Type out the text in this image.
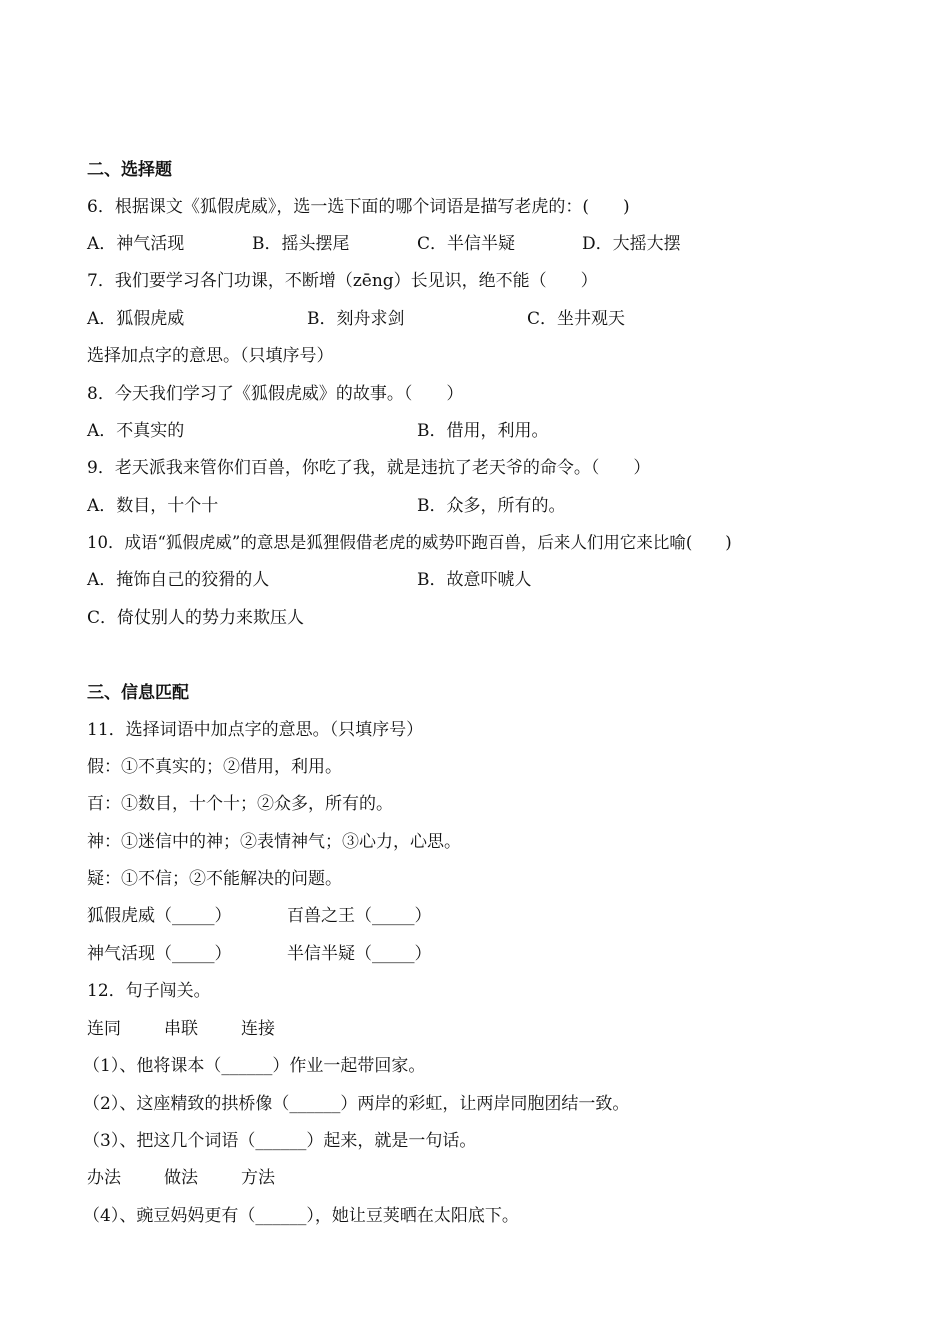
二、选择题
6．根据课文《狐假虎威》，选一选下面的哪个词语是描写老虎的：(　　)
A．神气活现	B．摇头摆尾	C．半信半疑	D．大摇大摆
7．我们要学习各门功课，不断增（zēng）长见识，绝不能（　　）
A．狐假虎威	B．刻舟求剑	C．坐井观天
选择加点字的意思。（只填序号）
8．今天我们学习了《狐假虎威》的故事。（　　）
A．不真实的	B．借用，利用。
9．老天派我来管你们百兽，你吃了我，就是违抗了老天爷的命令。（　　）
A．数目，十个十	B．众多，所有的。
10．成语“狐假虎威”的意思是狐狸假借老虎的威势吓跑百兽，后来人们用它来比喻(　　)
A．掩饰自己的狡猾的人	B．故意吓唬人
C．倚仗别人的势力来欺压人
三、信息匹配
11．选择词语中加点字的意思。（只填序号）
假：①不真实的；②借用，利用。
百：①数目，十个十；②众多，所有的。
神：①迷信中的神；②表情神气；③心力，心思。
疑：①不信；②不能解决的问题。
狐假虎威（_____）	百兽之王（_____）
神气活现（_____）	半信半疑（_____）
12．句子闯关。
连同	串联	连接
（1）、他将课本（______）作业一起带回家。
（2）、这座精致的拱桥像（______）两岸的彩虹，让两岸同胞团结一致。
（3）、把这几个词语（______）起来，就是一句话。
办法	做法	方法
（4）、豌豆妈妈更有（______），她让豆荚晒在太阳底下。
